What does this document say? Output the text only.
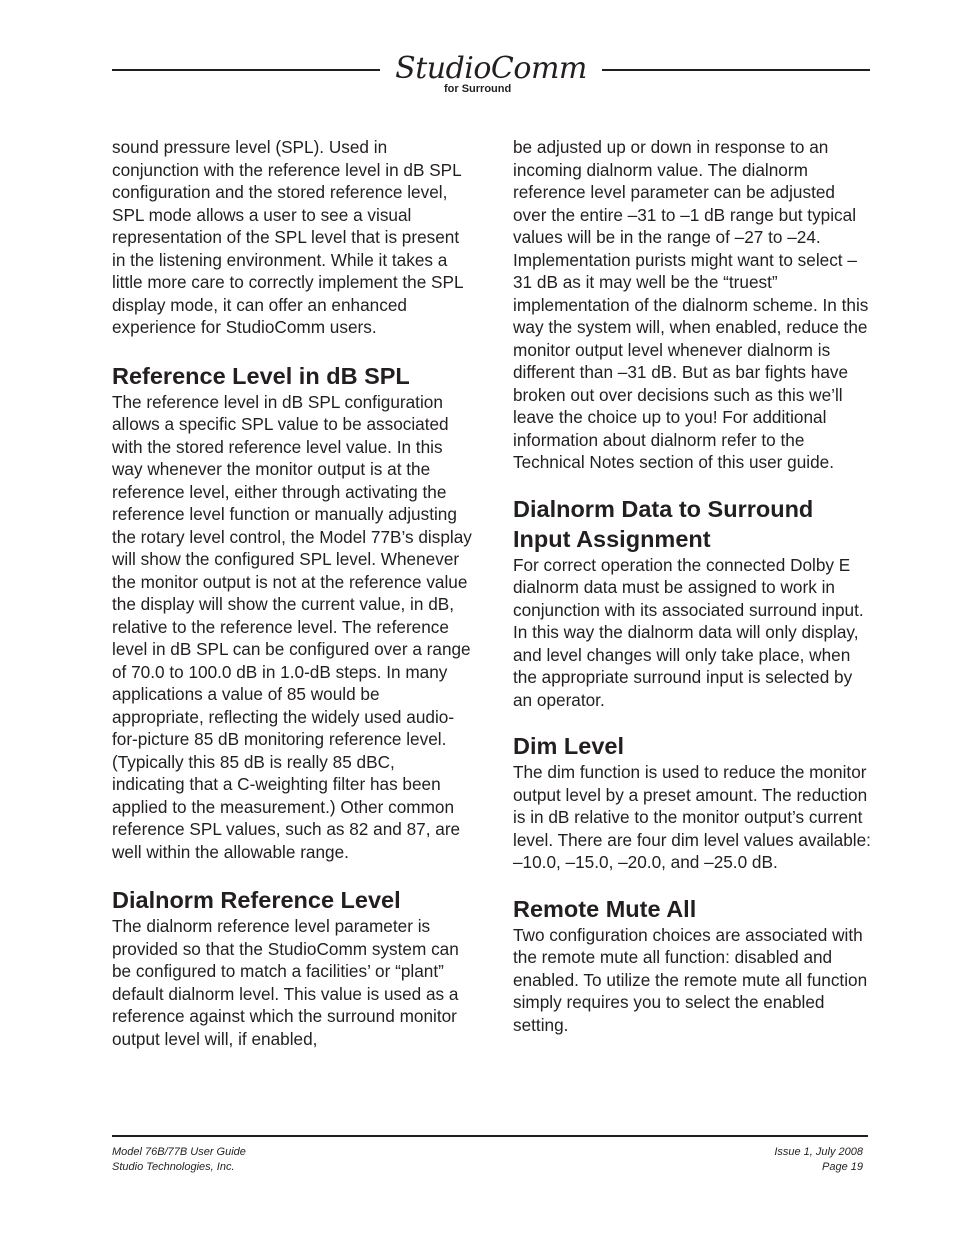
StudioComm
for Surround

sound pressure level (SPL). Used in conjunction with the reference level in dB SPL configuration and the stored reference level, SPL mode allows a user to see a visual representation of the SPL level that is present in the listening environment. While it takes a little more care to correctly implement the SPL display mode, it can offer an enhanced experience for StudioComm users.

Reference Level in dB SPL

The reference level in dB SPL configuration allows a specific SPL value to be associated with the stored reference level value. In this way whenever the monitor output is at the reference level, either through activating the reference level function or manually adjusting the rotary level control, the Model 77B’s display will show the configured SPL level. Whenever the monitor output is not at the reference value the display will show the current value, in dB, relative to the reference level. The reference level in dB SPL can be configured over a range of 70.0 to 100.0 dB in 1.0-dB steps. In many applications a value of 85 would be appropriate, reflecting the widely used audio-for-picture 85 dB monitoring reference level. (Typically this 85 dB is really 85 dBC, indicating that a C-weighting filter has been applied to the measurement.) Other common reference SPL values, such as 82 and 87, are well within the allowable range.

Dialnorm Reference Level

The dialnorm reference level parameter is provided so that the StudioComm system can be configured to match a facilities’ or “plant” default dialnorm level. This value is used as a reference against which the surround monitor output level will, if enabled,

be adjusted up or down in response to an incoming dialnorm value. The dialnorm reference level parameter can be adjusted over the entire –31 to –1 dB range but typical values will be in the range of –27 to –24. Implementation purists might want to select –31 dB as it may well be the “truest” implementation of the dialnorm scheme. In this way the system will, when enabled, reduce the monitor output level whenever dialnorm is different than –31 dB. But as bar fights have broken out over decisions such as this we’ll leave the choice up to you! For additional information about dialnorm refer to the Technical Notes section of this user guide.

Dialnorm Data to Surround Input Assignment

For correct operation the connected Dolby E dialnorm data must be assigned to work in conjunction with its associated surround input. In this way the dialnorm data will only display, and level changes will only take place, when the appropriate surround input is selected by an operator.

Dim Level

The dim function is used to reduce the monitor output level by a preset amount. The reduction is in dB relative to the monitor output’s current level. There are four dim level values available: –10.0, –15.0, –20.0, and –25.0 dB.

Remote Mute All

Two configuration choices are associated with the remote mute all function: disabled and enabled. To utilize the remote mute all function simply requires you to select the enabled setting.

Model 76B/77B User Guide
Studio Technologies, Inc.
Issue 1, July 2008
Page 19
